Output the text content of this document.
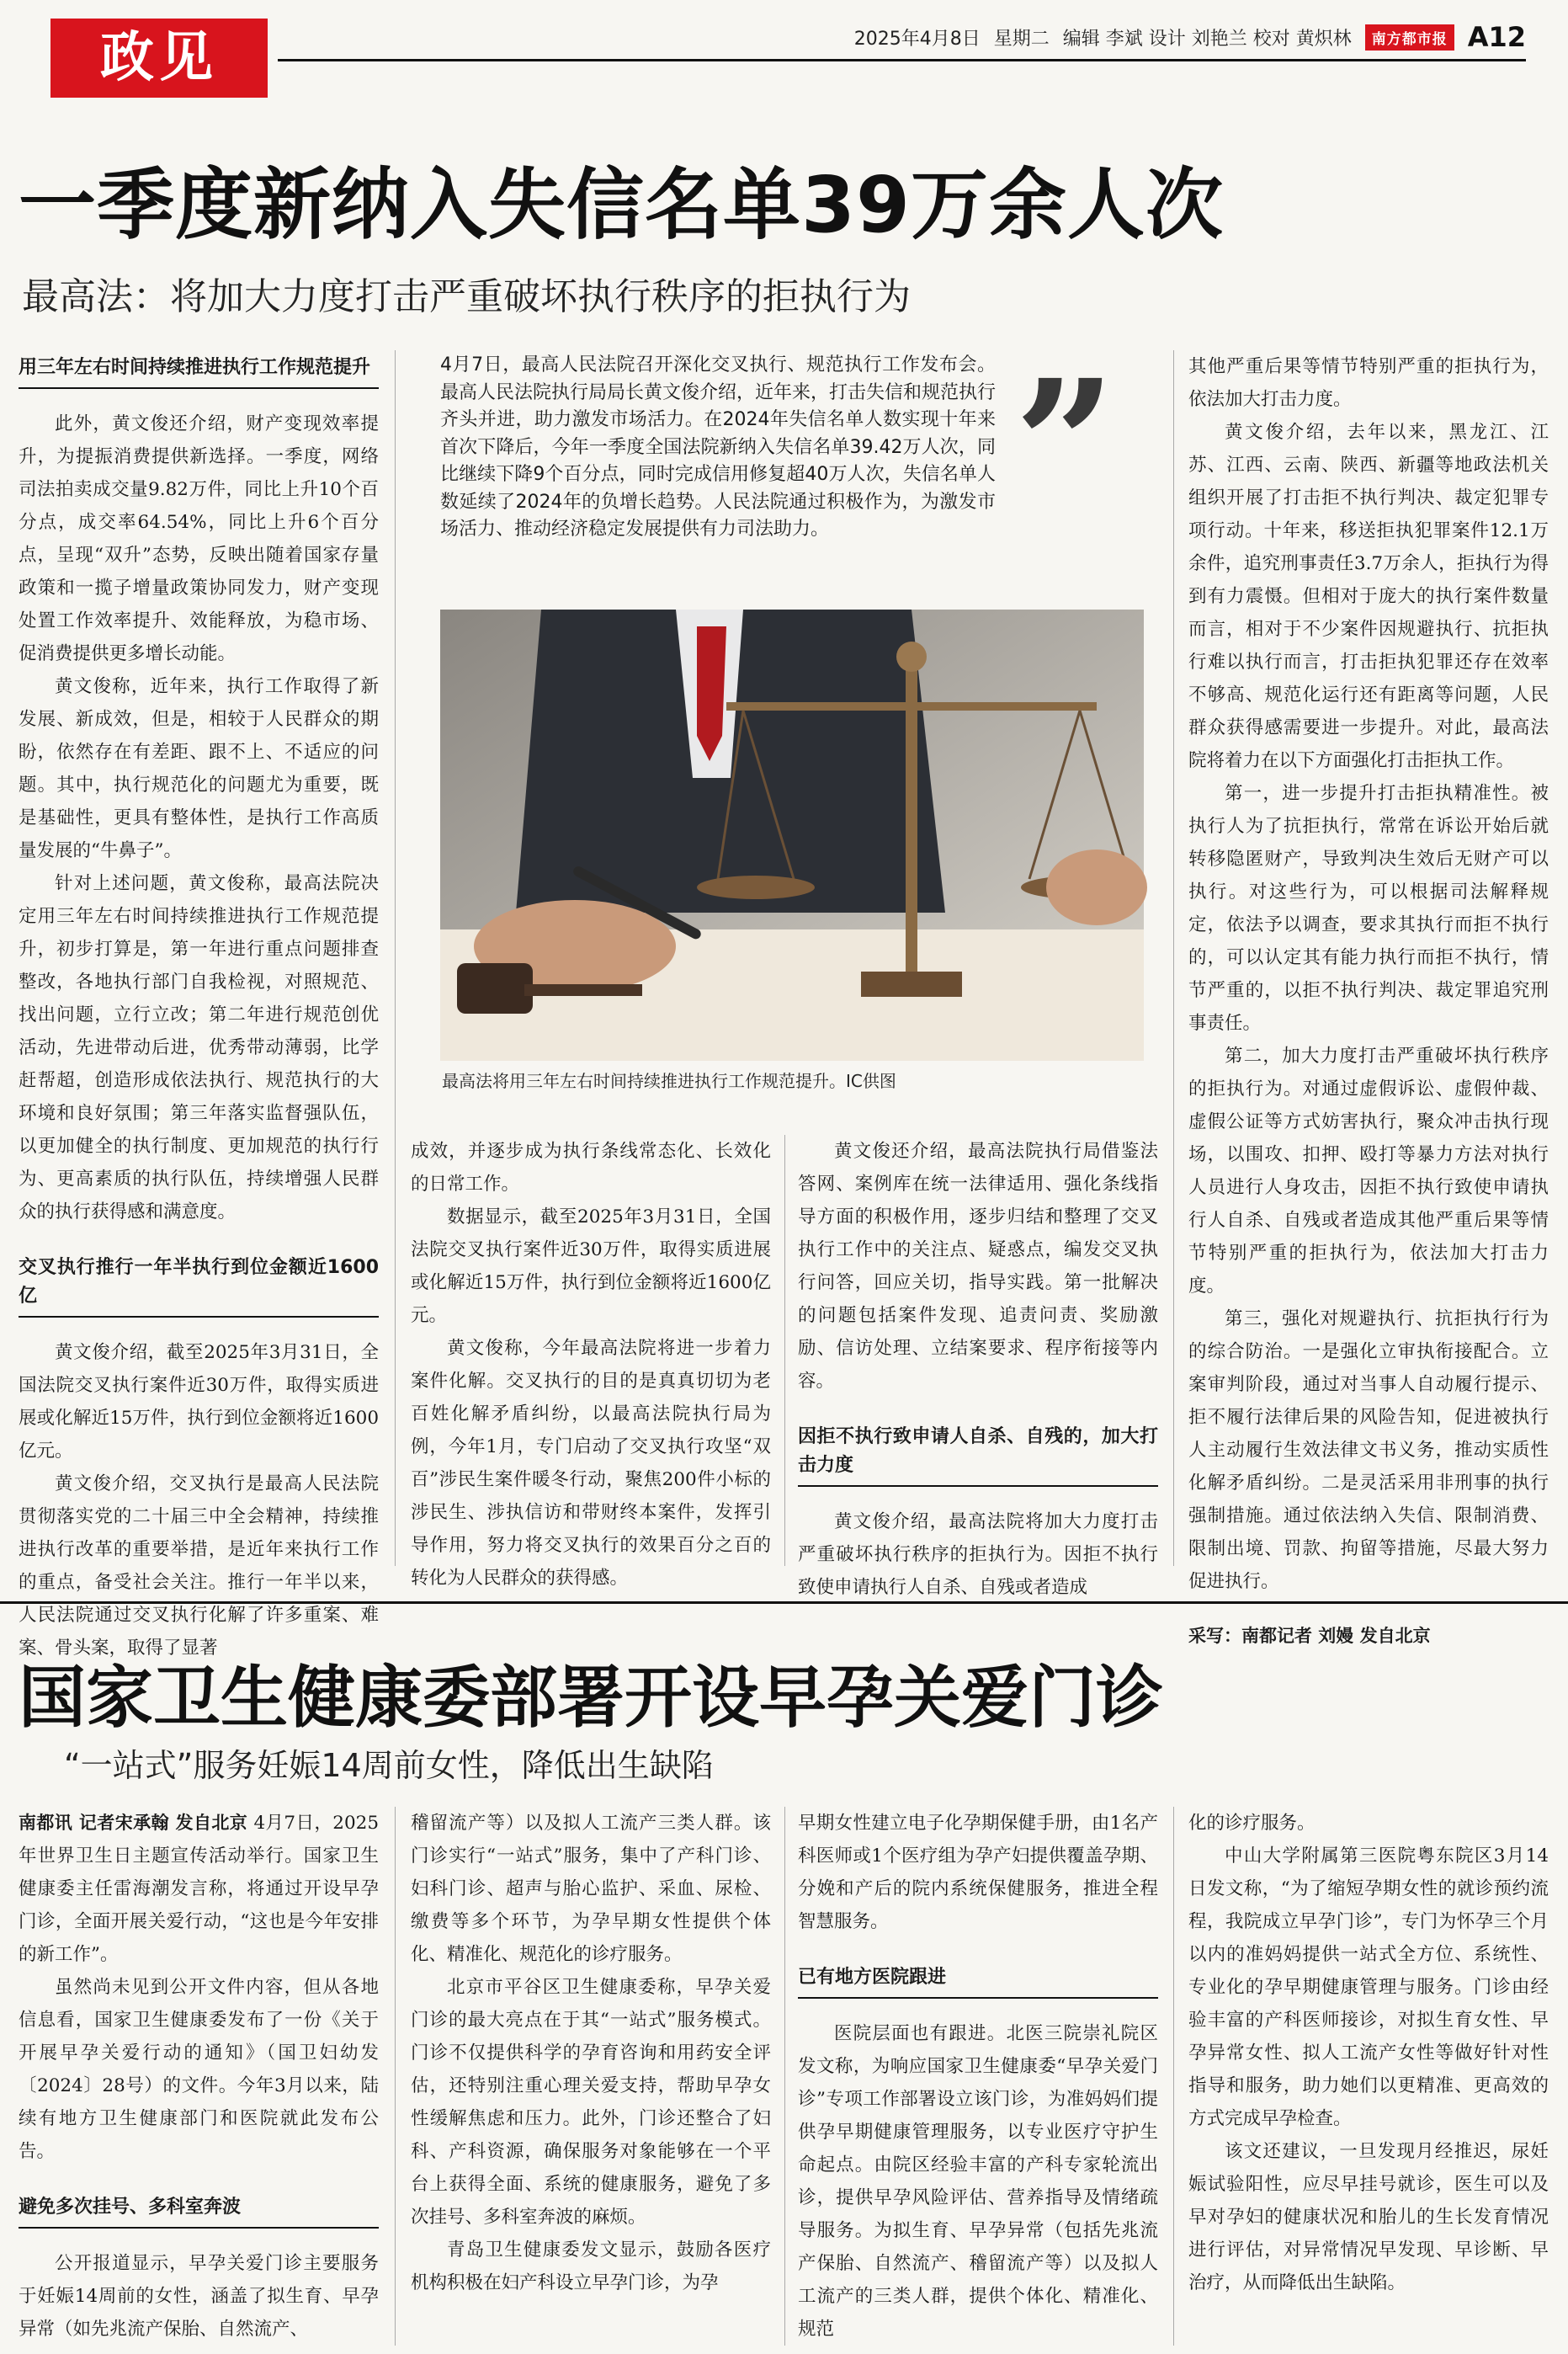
政见	2025年4月8日 星期二 编辑 李斌 设计 刘艳兰 校对 黄炽林	南方都市报 A12
一季度新纳入失信名单39万余人次
最高法：将加大力度打击严重破坏执行秩序的拒执行为
用三年左右时间持续推进执行工作规范提升

此外，黄文俊还介绍，财产变现效率提升，为提振消费提供新选择。一季度，网络司法拍卖成交量9.82万件，同比上升10个百分点，成交率64.54%，同比上升6个百分点，呈现“双升”态势，反映出随着国家存量政策和一揽子增量政策协同发力，财产变现处置工作效率提升、效能释放，为稳市场、促消费提供更多增长动能。

黄文俊称，近年来，执行工作取得了新发展、新成效，但是，相较于人民群众的期盼，依然存在有差距、跟不上、不适应的问题。其中，执行规范化的问题尤为重要，既是基础性，更具有整体性，是执行工作高质量发展的“牛鼻子”。

针对上述问题，黄文俊称，最高法院决定用三年左右时间持续推进执行工作规范提升，初步打算是，第一年进行重点问题排查整改，各地执行部门自我检视，对照规范、找出问题，立行立改；第二年进行规范创优活动，先进带动后进，优秀带动薄弱，比学赶帮超，创造形成依法执行、规范执行的大环境和良好氛围；第三年落实监督强队伍，以更加健全的执行制度、更加规范的执行行为、更高素质的执行队伍，持续增强人民群众的执行获得感和满意度。

交叉执行推行一年半执行到位金额近1600亿

黄文俊介绍，截至2025年3月31日，全国法院交叉执行案件近30万件，取得实质进展或化解近15万件，执行到位金额将近1600亿元。

黄文俊介绍，交叉执行是最高人民法院贯彻落实党的二十届三中全会精神，持续推进执行改革的重要举措，是近年来执行工作的重点，备受社会关注。推行一年半以来，人民法院通过交叉执行化解了许多重案、难案、骨头案，取得了显著

4月7日，最高人民法院召开深化交叉执行、规范执行工作发布会。最高人民法院执行局局长黄文俊介绍，近年来，打击失信和规范执行齐头并进，助力激发市场活力。在2024年失信名单人数实现十年来首次下降后，今年一季度全国法院新纳入失信名单39.42万人次，同比继续下降9个百分点，同时完成信用修复超40万人次，失信名单人数延续了2024年的负增长趋势。人民法院通过积极作为，为激发市场活力、推动经济稳定发展提供有力司法助力。	”
最高法将用三年左右时间持续推进执行工作规范提升。IC供图

成效，并逐步成为执行条线常态化、长效化的日常工作。

数据显示，截至2025年3月31日，全国法院交叉执行案件近30万件，取得实质进展或化解近15万件，执行到位金额将近1600亿元。

黄文俊称，今年最高法院将进一步着力案件化解。交叉执行的目的是真真切切为老百姓化解矛盾纠纷，以最高法院执行局为例，今年1月，专门启动了交叉执行攻坚“双百”涉民生案件暖冬行动，聚焦200件小标的涉民生、涉执信访和带财终本案件，发挥引导作用，努力将交叉执行的效果百分之百的转化为人民群众的获得感。

黄文俊还介绍，最高法院执行局借鉴法答网、案例库在统一法律适用、强化条线指导方面的积极作用，逐步归结和整理了交叉执行工作中的关注点、疑惑点，编发交叉执行问答，回应关切，指导实践。第一批解决的问题包括案件发现、追责问责、奖励激励、信访处理、立结案要求、程序衔接等内容。

因拒不执行致申请人自杀、自残的，加大打击力度

黄文俊介绍，最高法院将加大力度打击严重破坏执行秩序的拒执行为。因拒不执行致使申请执行人自杀、自残或者造成

其他严重后果等情节特别严重的拒执行为，依法加大打击力度。

黄文俊介绍，去年以来，黑龙江、江苏、江西、云南、陕西、新疆等地政法机关组织开展了打击拒不执行判决、裁定犯罪专项行动。十年来，移送拒执犯罪案件12.1万余件，追究刑事责任3.7万余人，拒执行为得到有力震慑。但相对于庞大的执行案件数量而言，相对于不少案件因规避执行、抗拒执行难以执行而言，打击拒执犯罪还存在效率不够高、规范化运行还有距离等问题，人民群众获得感需要进一步提升。对此，最高法院将着力在以下方面强化打击拒执工作。

第一，进一步提升打击拒执精准性。被执行人为了抗拒执行，常常在诉讼开始后就转移隐匿财产，导致判决生效后无财产可以执行。对这些行为，可以根据司法解释规定，依法予以调查，要求其执行而拒不执行的，可以认定其有能力执行而拒不执行，情节严重的，以拒不执行判决、裁定罪追究刑事责任。

第二，加大力度打击严重破坏执行秩序的拒执行为。对通过虚假诉讼、虚假仲裁、虚假公证等方式妨害执行，聚众冲击执行现场，以围攻、扣押、殴打等暴力方法对执行人员进行人身攻击，因拒不执行致使申请执行人自杀、自残或者造成其他严重后果等情节特别严重的拒执行为，依法加大打击力度。

第三，强化对规避执行、抗拒执行行为的综合防治。一是强化立审执衔接配合。立案审判阶段，通过对当事人自动履行提示、拒不履行法律后果的风险告知，促进被执行人主动履行生效法律文书义务，推动实质性化解矛盾纠纷。二是灵活采用非刑事的执行强制措施。通过依法纳入失信、限制消费、限制出境、罚款、拘留等措施，尽最大努力促进执行。

采写：南都记者 刘嫚 发自北京
国家卫生健康委部署开设早孕关爱门诊
“一站式”服务妊娠14周前女性，降低出生缺陷

南都讯 记者宋承翰 发自北京 4月7日，2025年世界卫生日主题宣传活动举行。国家卫生健康委主任雷海潮发言称，将通过开设早孕门诊，全面开展关爱行动，“这也是今年安排的新工作”。

虽然尚未见到公开文件内容，但从各地信息看，国家卫生健康委发布了一份《关于开展早孕关爱行动的通知》（国卫妇幼发〔2024〕28号）的文件。今年3月以来，陆续有地方卫生健康部门和医院就此发布公告。

避免多次挂号、多科室奔波

公开报道显示，早孕关爱门诊主要服务于妊娠14周前的女性，涵盖了拟生育、早孕异常（如先兆流产保胎、自然流产、

稽留流产等）以及拟人工流产三类人群。该门诊实行“一站式”服务，集中了产科门诊、妇科门诊、超声与胎心监护、采血、尿检、缴费等多个环节，为孕早期女性提供个体化、精准化、规范化的诊疗服务。

北京市平谷区卫生健康委称，早孕关爱门诊的最大亮点在于其“一站式”服务模式。门诊不仅提供科学的孕育咨询和用药安全评估，还特别注重心理关爱支持，帮助早孕女性缓解焦虑和压力。此外，门诊还整合了妇科、产科资源，确保服务对象能够在一个平台上获得全面、系统的健康服务，避免了多次挂号、多科室奔波的麻烦。

青岛卫生健康委发文显示，鼓励各医疗机构积极在妇产科设立早孕门诊，为孕

早期女性建立电子化孕期保健手册，由1名产科医师或1个医疗组为孕产妇提供覆盖孕期、分娩和产后的院内系统保健服务，推进全程智慧服务。

已有地方医院跟进

医院层面也有跟进。北医三院崇礼院区发文称，为响应国家卫生健康委“早孕关爱门诊”专项工作部署设立该门诊，为准妈妈们提供孕早期健康管理服务，以专业医疗守护生命起点。由院区经验丰富的产科专家轮流出诊，提供早孕风险评估、营养指导及情绪疏导服务。为拟生育、早孕异常（包括先兆流产保胎、自然流产、稽留流产等）以及拟人工流产的三类人群，提供个体化、精准化、规范

化的诊疗服务。

中山大学附属第三医院粤东院区3月14日发文称，“为了缩短孕期女性的就诊预约流程，我院成立早孕门诊”，专门为怀孕三个月以内的准妈妈提供一站式全方位、系统性、专业化的孕早期健康管理与服务。门诊由经验丰富的产科医师接诊，对拟生育女性、早孕异常女性、拟人工流产女性等做好针对性指导和服务，助力她们以更精准、更高效的方式完成早孕检查。

该文还建议，一旦发现月经推迟，尿妊娠试验阳性，应尽早挂号就诊，医生可以及早对孕妇的健康状况和胎儿的生长发育情况进行评估，对异常情况早发现、早诊断、早治疗，从而降低出生缺陷。
